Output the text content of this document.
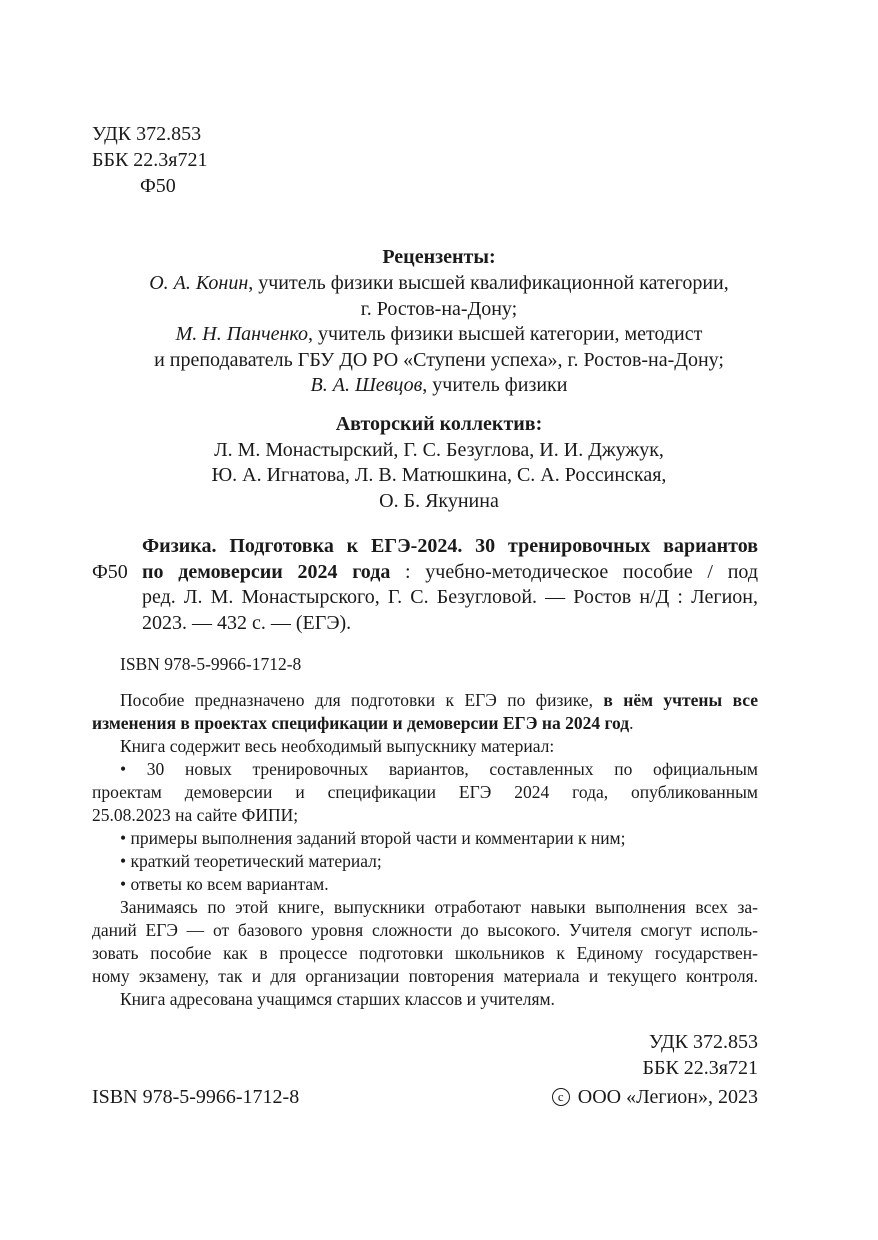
УДК 372.853
ББК 22.3я721
Ф50
Рецензенты:
О. А. Конин, учитель физики высшей квалификационной категории,
г. Ростов-на-Дону;
М. Н. Панченко, учитель физики высшей категории, методист
и преподаватель ГБУ ДО РО «Ступени успеха», г. Ростов-на-Дону;
В. А. Шевцов, учитель физики
Авторский коллектив:
Л. М. Монастырский, Г. С. Безуглова, И. И. Джужук,
Ю. А. Игнатова, Л. В. Матюшкина, С. А. Россинская,
О. Б. Якунина
Физика. Подготовка к ЕГЭ-2024. 30 тренировочных вариантов
Ф50 по демоверсии 2024 года : учебно-методическое пособие / под
ред. Л. М. Монастырского, Г. С. Безугловой. — Ростов н/Д : Легион,
2023. — 432 с. — (ЕГЭ).
ISBN 978-5-9966-1712-8
Пособие предназначено для подготовки к ЕГЭ по физике, в нём учтены все
изменения в проектах спецификации и демоверсии ЕГЭ на 2024 год.
Книга содержит весь необходимый выпускнику материал:
• 30 новых тренировочных вариантов, составленных по официальным
проектам демоверсии и спецификации ЕГЭ 2024 года, опубликованным
25.08.2023 на сайте ФИПИ;
• примеры выполнения заданий второй части и комментарии к ним;
• краткий теоретический материал;
• ответы ко всем вариантам.
Занимаясь по этой книге, выпускники отработают навыки выполнения всех за-
даний ЕГЭ — от базового уровня сложности до высокого. Учителя смогут исполь-
зовать пособие как в процессе подготовки школьников к Единому государствен-
ному экзамену, так и для организации повторения материала и текущего контроля.
Книга адресована учащимся старших классов и учителям.
УДК 372.853
ББК 22.3я721
ISBN 978-5-9966-1712-8	c ООО «Легион», 2023
